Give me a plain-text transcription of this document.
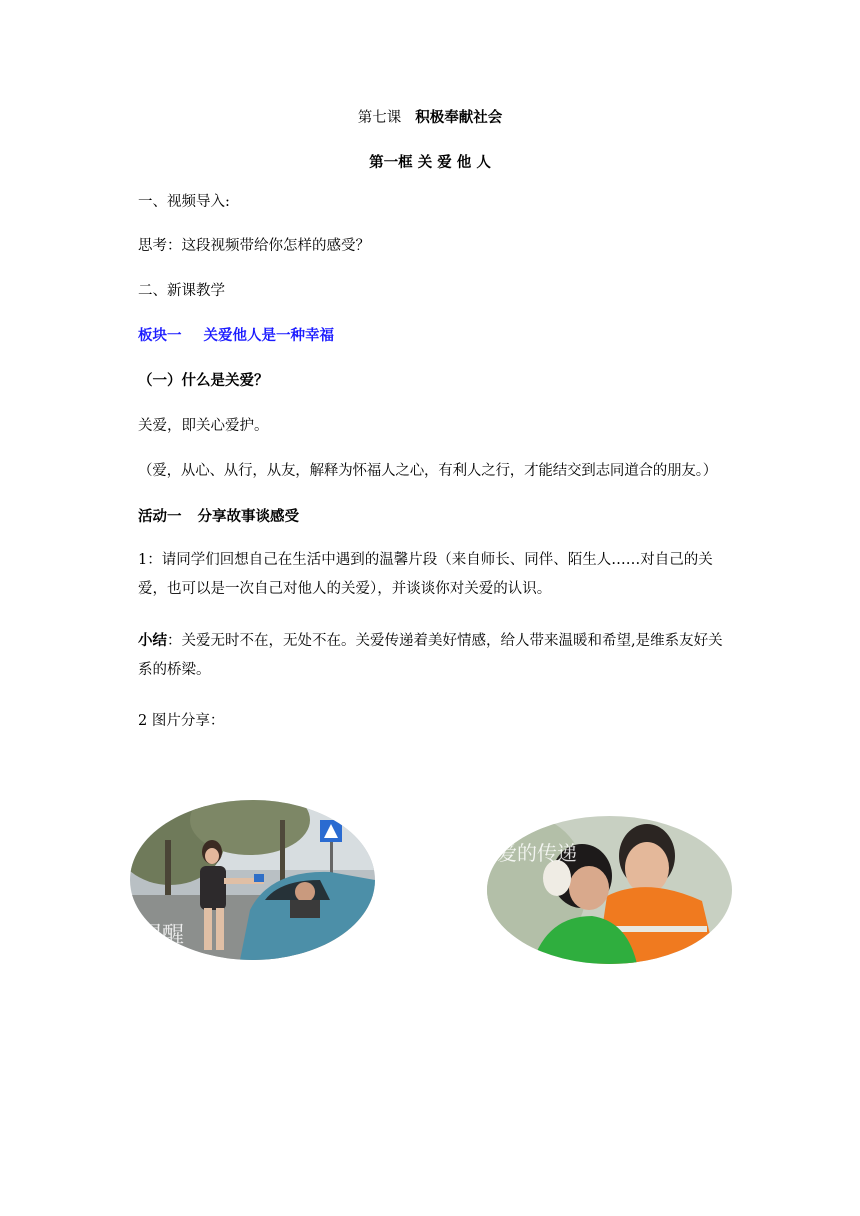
第七课 积极奉献社会
第一框 关 爱 他 人
一、视频导入:
思考：这段视频带给你怎样的感受？
二、新课教学
板块一 关爱他人是一种幸福
（一）什么是关爱？
关爱，即关心爱护。
（爱，从心、从行，从友，解释为怀福人之心，有利人之行，才能结交到志同道合的朋友。）
活动一 分享故事谈感受
1：请同学们回想自己在生活中遇到的温馨片段（来自师长、同伴、陌生人……对自己的关爱，也可以是一次自己对他人的关爱），并谈谈你对关爱的认识。
小结：关爱无时不在，无处不在。关爱传递着美好情感，给人带来温暖和希望,是维系友好关系的桥梁。
2 图片分享：
提醒
爱的传递
